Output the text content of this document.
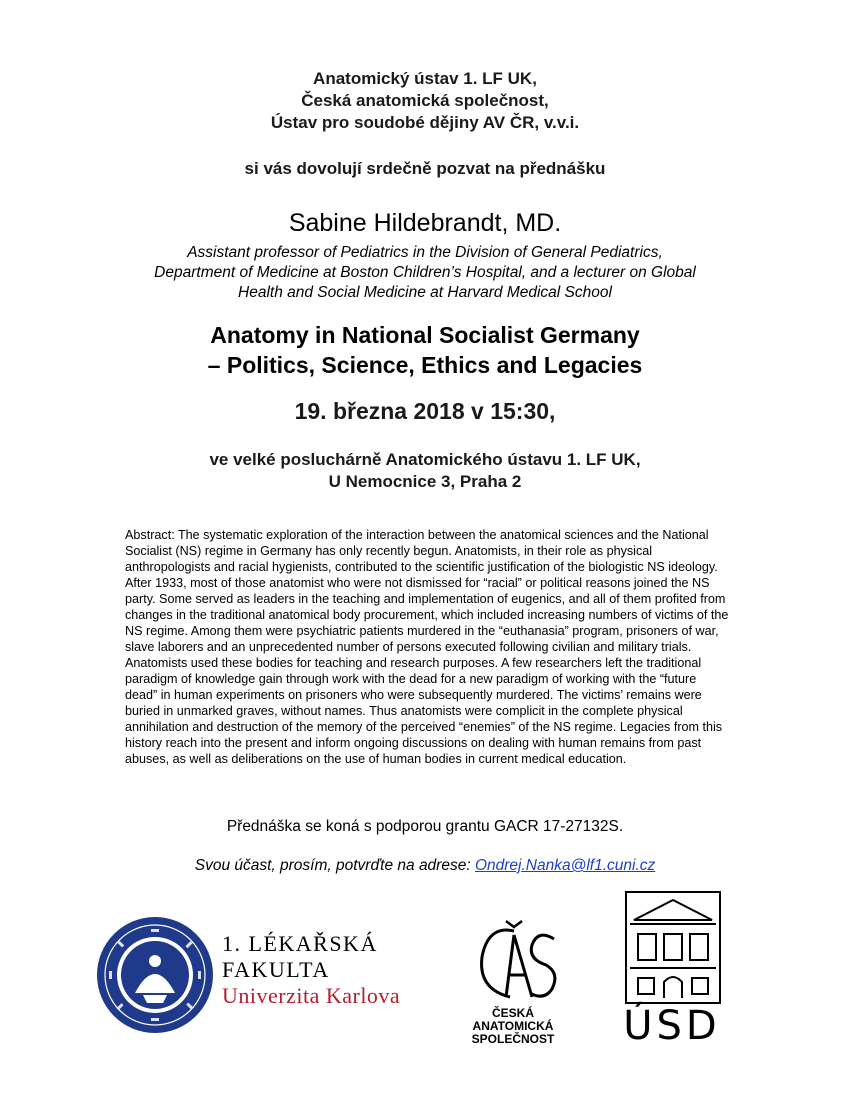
Anatomický ústav 1. LF UK,
Česká anatomická společnost,
Ústav pro soudobé dějiny AV ČR, v.v.i.
si vás dovolují srdečně pozvat na přednášku
Sabine Hildebrandt, MD.
Assistant professor of Pediatrics in the Division of General Pediatrics,
Department of Medicine at Boston Children’s Hospital, and a lecturer on Global
Health and Social Medicine at Harvard Medical School
Anatomy in National Socialist Germany
– Politics, Science, Ethics and Legacies
19. března 2018 v 15:30,
ve velké posluchárně Anatomického ústavu 1. LF UK,
U Nemocnice 3, Praha 2
Abstract: The systematic exploration of the interaction between the anatomical sciences and the National Socialist (NS) regime in Germany has only recently begun. Anatomists, in their role as physical anthropologists and racial hygienists, contributed to the scientific justification of the biologistic NS ideology. After 1933, most of those anatomist who were not dismissed for “racial” or political reasons joined the NS party. Some served as leaders in the teaching and implementation of eugenics, and all of them profited from changes in the traditional anatomical body procurement, which included increasing numbers of victims of the NS regime. Among them were psychiatric patients murdered in the “euthanasia” program, prisoners of war, slave laborers and an unprecedented number of persons executed following civilian and military trials. Anatomists used these bodies for teaching and research purposes. A few researchers left the traditional paradigm of knowledge gain through work with the dead for a new paradigm of working with the “future dead” in human experiments on prisoners who were subsequently murdered. The victims’ remains were buried in unmarked graves, without names. Thus anatomists were complicit in the complete physical annihilation and destruction of the memory of the perceived “enemies” of the NS regime. Legacies from this history reach into the present and inform ongoing discussions on dealing with human remains from past abuses, as well as deliberations on the use of human bodies in current medical education.
Přednáška se koná s podporou grantu GACR 17-27132S.
Svou účast, prosím, potvrďte na adrese: Ondrej.Nanka@lf1.cuni.cz
1. LÉKAŘSKÁ
FAKULTA
Univerzita Karlova
ČESKÁ
ANATOMICKÁ
SPOLEČNOST	ÚSD
